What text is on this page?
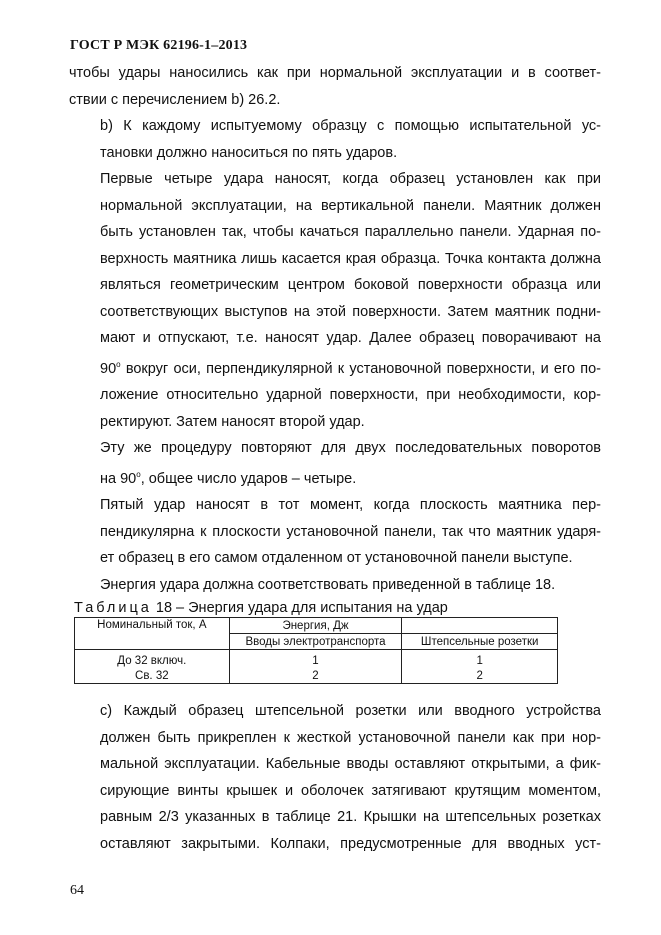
ГОСТ Р МЭК 62196-1–2013

чтобы удары наносились как при нормальной эксплуатации и в соответ-
ствии с перечислением b) 26.2.

b) К каждому испытуемому образцу с помощью испытательной ус-
тановки должно наноситься по пять ударов.

Первые четыре удара наносят, когда образец установлен как при
нормальной эксплуатации, на вертикальной панели. Маятник должен
быть установлен так, чтобы качаться параллельно панели. Ударная по-
верхность маятника лишь касается края образца. Точка контакта должна
являться геометрическим центром боковой поверхности образца или
соответствующих выступов на этой поверхности. Затем маятник подни-
мают и отпускают, т.е. наносят удар. Далее образец поворачивают на
90$^o$ вокруг оси, перпендикулярной к установочной поверхности, и его по-
ложение относительно ударной поверхности, при необходимости, кор-
ректируют. Затем наносят второй удар.

Эту же процедуру повторяют для двух последовательных поворотов
на 90$^o$, общее число ударов – четыре.

Пятый удар наносят в тот момент, когда плоскость маятника пер-
пендикулярна к плоскости установочной панели, так что маятник ударя-
ет образец в его самом отдаленном от установочной панели выступе.

Энергия удара должна соответствовать приведенной в таблице 18.

Таблица 18 – Энергия удара для испытания на удар
Номинальный ток, А	Энергия, Дж	
	Вводы электротранспорта	Штепсельные розетки

До 32 включ.	1	1
Св. 32	2	2

с) Каждый образец штепсельной розетки или вводного устройства
должен быть прикреплен к жесткой установочной панели как при нор-
мальной эксплуатации. Кабельные вводы оставляют открытыми, а фик-
сирующие винты крышек и оболочек затягивают крутящим моментом,
равным 2/3 указанных в таблице 21. Крышки на штепсельных розетках
оставляют закрытыми. Колпаки, предусмотренные для вводных уст-

64
